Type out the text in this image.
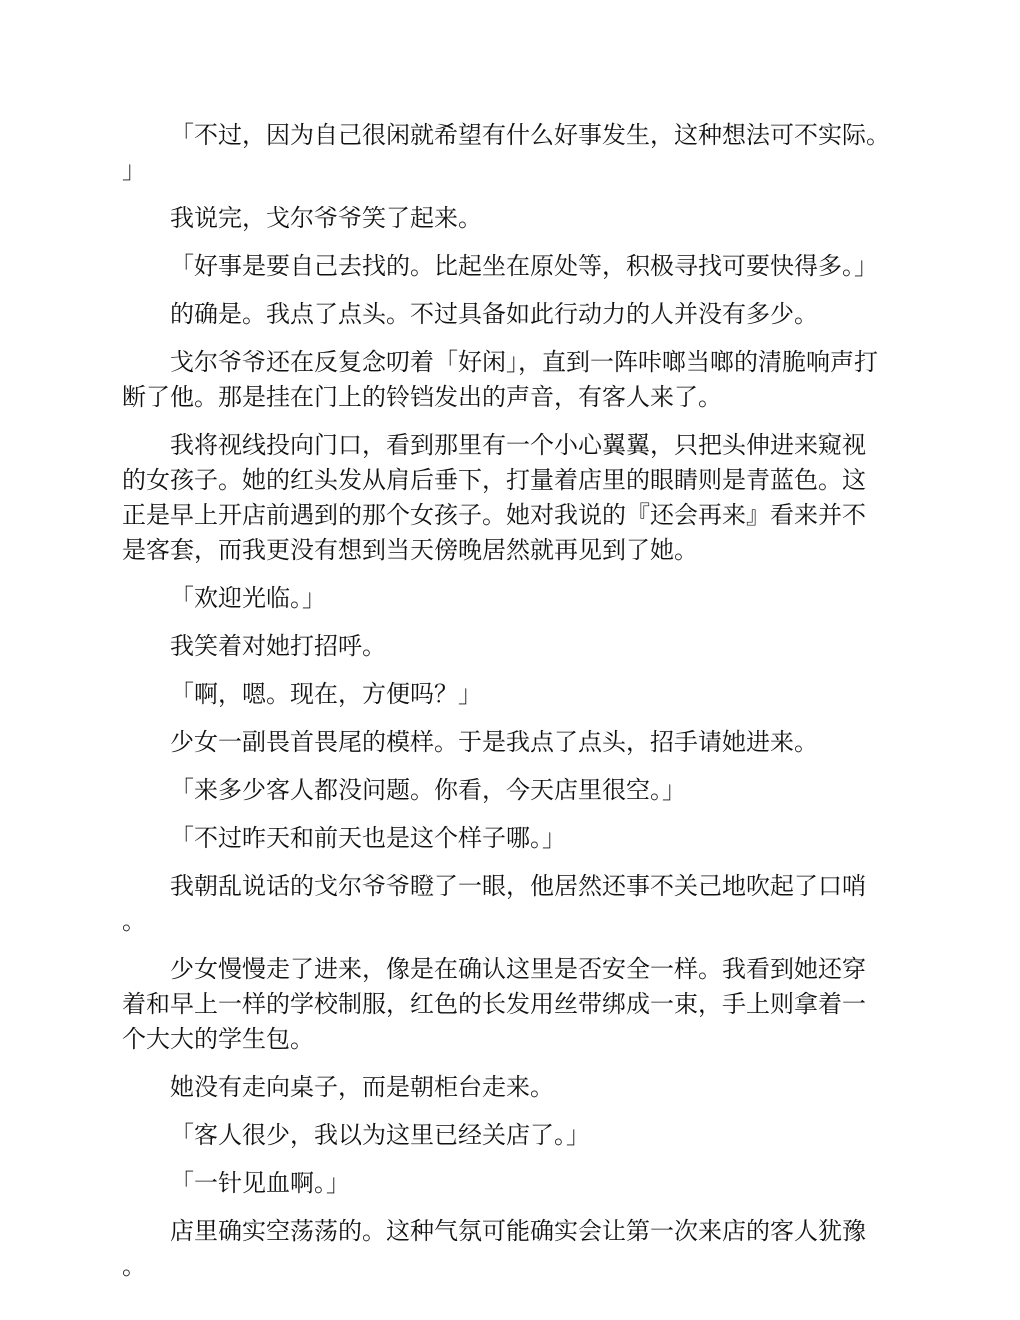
「不过，因为自己很闲就希望有什么好事发生，这种想法可不实际。」

我说完，戈尔爷爷笑了起来。

「好事是要自己去找的。比起坐在原处等，积极寻找可要快得多。」

的确是。我点了点头。不过具备如此行动力的人并没有多少。

戈尔爷爷还在反复念叨着「好闲」，直到一阵咔啷当啷的清脆响声打断了他。那是挂在门上的铃铛发出的声音，有客人来了。

我将视线投向门口，看到那里有一个小心翼翼，只把头伸进来窥视的女孩子。她的红头发从肩后垂下，打量着店里的眼睛则是青蓝色。这正是早上开店前遇到的那个女孩子。她对我说的『还会再来』看来并不是客套，而我更没有想到当天傍晚居然就再见到了她。

「欢迎光临。」

我笑着对她打招呼。

「啊，嗯。现在，方便吗？」

少女一副畏首畏尾的模样。于是我点了点头，招手请她进来。

「来多少客人都没问题。你看，今天店里很空。」

「不过昨天和前天也是这个样子哪。」

我朝乱说话的戈尔爷爷瞪了一眼，他居然还事不关己地吹起了口哨。

少女慢慢走了进来，像是在确认这里是否安全一样。我看到她还穿着和早上一样的学校制服，红色的长发用丝带绑成一束，手上则拿着一个大大的学生包。

她没有走向桌子，而是朝柜台走来。

「客人很少，我以为这里已经关店了。」

「一针见血啊。」

店里确实空荡荡的。这种气氛可能确实会让第一次来店的客人犹豫。
